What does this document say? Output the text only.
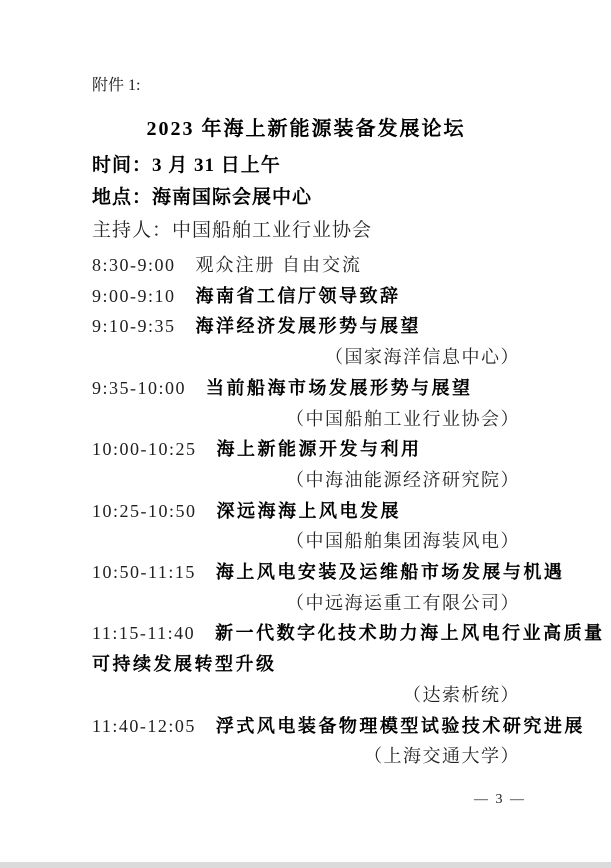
附件 1:
2023 年海上新能源装备发展论坛
时间：3 月 31 日上午
地点：海南国际会展中心
主持人：中国船舶工业行业协会
8:30-9:00 观众注册 自由交流
9:00-9:10 海南省工信厅领导致辞
9:10-9:35 海洋经济发展形势与展望
（国家海洋信息中心）
9:35-10:00 当前船海市场发展形势与展望
（中国船舶工业行业协会）
10:00-10:25 海上新能源开发与利用
（中海油能源经济研究院）
10:25-10:50 深远海海上风电发展
（中国船舶集团海装风电）
10:50-11:15 海上风电安装及运维船市场发展与机遇
（中远海运重工有限公司）
11:15-11:40 新一代数字化技术助力海上风电行业高质量
可持续发展转型升级
（达索析统）
11:40-12:05 浮式风电装备物理模型试验技术研究进展
（上海交通大学）
— 3 —
